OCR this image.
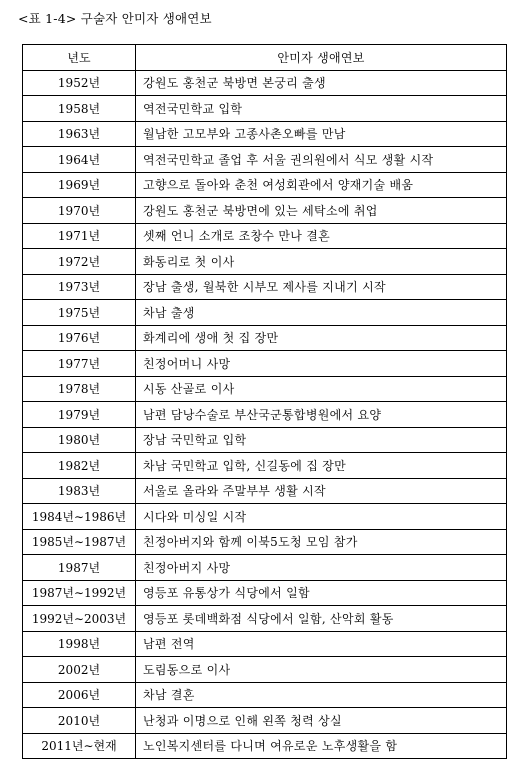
<표 1-4> 구술자 안미자 생애연보
년도	안미자 생애연보
1952년	강원도 홍천군 북방면 본궁리 출생
1958년	역전국민학교 입학
1963년	월남한 고모부와 고종사촌오빠를 만남
1964년	역전국민학교 졸업 후 서울 권의원에서 식모 생활 시작
1969년	고향으로 돌아와 춘천 여성회관에서 양재기술 배움
1970년	강원도 홍천군 북방면에 있는 세탁소에 취업
1971년	셋째 언니 소개로 조창수 만나 결혼
1972년	화동리로 첫 이사
1973년	장남 출생, 월북한 시부모 제사를 지내기 시작
1975년	차남 출생
1976년	화계리에 생애 첫 집 장만
1977년	친정어머니 사망
1978년	시동 산골로 이사
1979년	남편 담낭수술로 부산국군통합병원에서 요양
1980년	장남 국민학교 입학
1982년	차남 국민학교 입학, 신길동에 집 장만
1983년	서울로 올라와 주말부부 생활 시작
1984년∼1986년	시다와 미싱일 시작
1985년∼1987년	친정아버지와 함께 이북5도청 모임 참가
1987년	친정아버지 사망
1987년∼1992년	영등포 유통상가 식당에서 일함
1992년∼2003년	영등포 롯데백화점 식당에서 일함, 산악회 활동
1998년	남편 전역
2002년	도림동으로 이사
2006년	차남 결혼
2010년	난청과 이명으로 인해 왼쪽 청력 상실
2011년∼현재	노인복지센터를 다니며 여유로운 노후생활을 함
